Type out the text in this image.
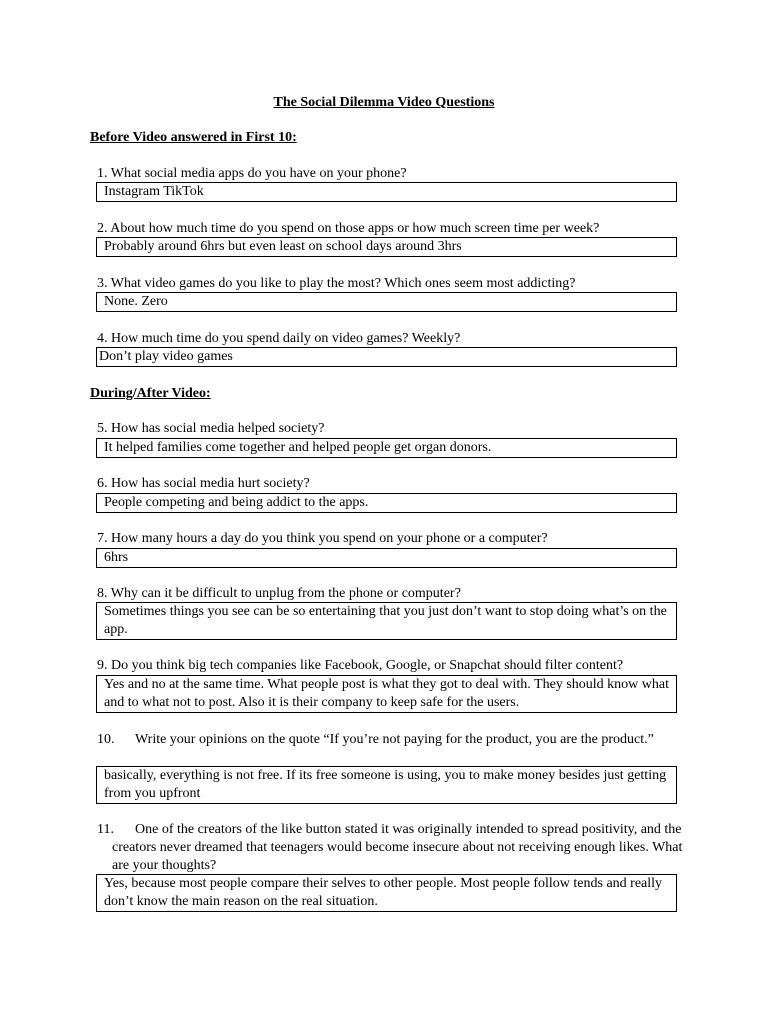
The Social Dilemma Video Questions
Before Video answered in First 10:
1. What social media apps do you have on your phone?
Instagram TikTok
2. About how much time do you spend on those apps or how much screen time per week?
Probably around 6hrs but even least on school days around 3hrs
3. What video games do you like to play the most? Which ones seem most addicting?
None. Zero
4. How much time do you spend daily on video games? Weekly?
Don’t play video games
During/After Video:
5. How has social media helped society?
It helped families come together and helped people get organ donors.
6. How has social media hurt society?
People competing and being addict to the apps.
7. How many hours a day do you think you spend on your phone or a computer?
6hrs
8. Why can it be difficult to unplug from the phone or computer?
Sometimes things you see can be so entertaining that you just don’t want to stop doing what’s on the app.
9. Do you think big tech companies like Facebook, Google, or Snapchat should filter content?
Yes and no at the same time. What people post is what they got to deal with. They should know what and to what not to post. Also it is their company to keep safe for the users.
10. Write your opinions on the quote “If you’re not paying for the product, you are the product.”
basically, everything is not free. If its free someone is using, you to make money besides just getting from you upfront
11. One of the creators of the like button stated it was originally intended to spread positivity, and the creators never dreamed that teenagers would become insecure about not receiving enough likes. What are your thoughts?
Yes, because most people compare their selves to other people. Most people follow tends and really don’t know the main reason on the real situation.
